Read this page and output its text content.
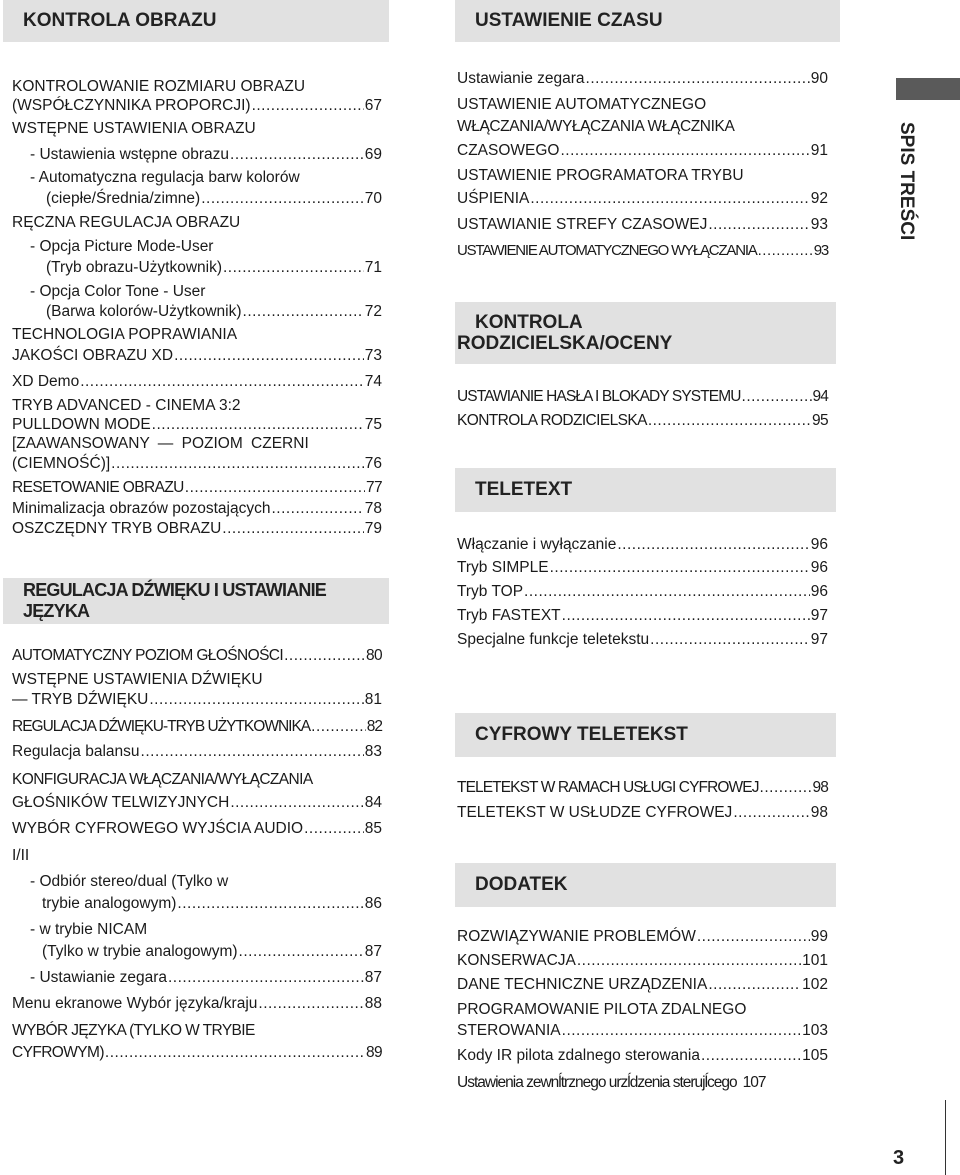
KONTROLA OBRAZU
REGULACJA DŹWIĘKU I USTAWIANIE JĘZYKA
USTAWIENIE CZASU
KONTROLA
RODZICIELSKA/OCENY
TELETEXT
CYFROWY TELETEKST
DODATEK
KONTROLOWANIE ROZMIARU OBRAZU
(WSPÓŁCZYNNIKA PROPORCJI) .....	67
WSTĘPNE USTAWIENIA OBRAZU
- Ustawienia wstępne obrazu .....	69
- Automatyczna regulacja barw kolorów
(ciepłe/Średnia/zimne) .....	70
RĘCZNA REGULACJA OBRAZU
- Opcja Picture Mode-User
(Tryb obrazu-Użytkownik) .....	71
- Opcja Color Tone - User
(Barwa kolorów-Użytkownik) .....	72
TECHNOLOGIA POPRAWIANIA
JAKOŚCI OBRAZU XD .....	73
XD Demo .....	74
TRYB ADVANCED - CINEMA 3:2
PULLDOWN MODE .....	75
[ZAAWANSOWANY — POZIOM CZERNI
(CIEMNOŚĆ)] .....	76
RESETOWANIE OBRAZU .....	77
Minimalizacja obrazów pozostających .....	78
OSZCZĘDNY TRYB OBRAZU .....	79
AUTOMATYCZNY POZIOM GŁOŚNOŚCI .....	80
WSTĘPNE USTAWIENIA DŹWIĘKU
— TRYB DŹWIĘKU .....	81
REGULACJA DŹWIĘKU-TRYB UŻYTKOWNIKA .....	82
Regulacja balansu .....	83
KONFIGURACJA WŁĄCZANIA/WYŁĄCZANIA
GŁOŚNIKÓW TELWIZYJNYCH .....	84
WYBÓR CYFROWEGO WYJŚCIA AUDIO .....	85
I/II
- Odbiór stereo/dual (Tylko w
trybie analogowym) .....	86
- w trybie NICAM
(Tylko w trybie analogowym) .....	87
- Ustawianie zegara .....	87
Menu ekranowe Wybór języka/kraju .....	88
WYBÓR JĘZYKA (TYLKO W TRYBIE
CYFROWYM) .....	89
Ustawianie zegara .....	90
USTAWIENIE AUTOMATYCZNEGO
WŁĄCZANIA/WYŁĄCZANIA WŁĄCZNIKA
CZASOWEGO .....	91
USTAWIENIE PROGRAMATORA TRYBU
UŚPIENIA .....	92
USTAWIANIE STREFY CZASOWEJ .....	93
USTAWIENIE AUTOMATYCZNEGO WYŁĄCZANIA .....	93
USTAWIANIE HASŁA I BLOKADY SYSTEMU .....	94
KONTROLA RODZICIELSKA .....	95
Włączanie i wyłączanie .....	96
Tryb SIMPLE .....	96
Tryb TOP .....	96
Tryb FASTEXT .....	97
Specjalne funkcje teletekstu .....	97
TELETEKST W RAMACH USŁUGI CYFROWEJ .....	98
TELETEKST W USŁUDZE CYFROWEJ .....	98
ROZWIĄZYWANIE PROBLEMÓW .....	99
KONSERWACJA .....	101
DANE TECHNICZNE URZĄDZENIA .....	102
PROGRAMOWANIE PILOTA ZDALNEGO
STEROWANIA .....	103
Kody IR pilota zdalnego sterowania .....	105
Ustawienia zewnĺtrznego urzĺdzenia sterujĺcego 107
SPIS TREŚCI
3
